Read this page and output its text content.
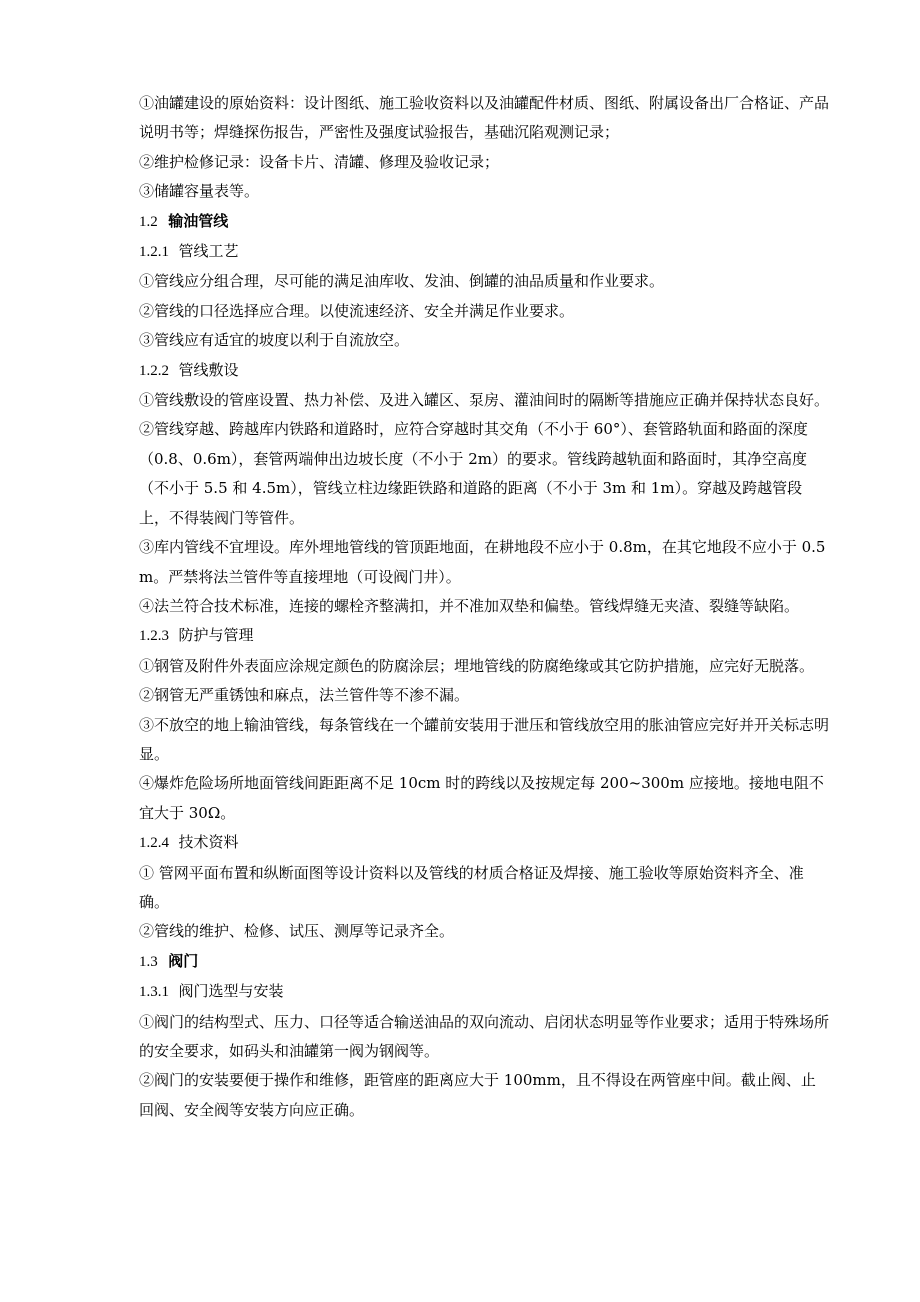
①油罐建设的原始资料：设计图纸、施工验收资料以及油罐配件材质、图纸、附属设备出厂合格证、产品说明书等；焊缝探伤报告，严密性及强度试验报告，基础沉陷观测记录；

②维护检修记录：设备卡片、清罐、修理及验收记录；

③储罐容量表等。

1.2 输油管线

1.2.1 管线工艺

①管线应分组合理，尽可能的满足油库收、发油、倒罐的油品质量和作业要求。

②管线的口径选择应合理。以使流速经济、安全并满足作业要求。

③管线应有适宜的坡度以利于自流放空。

1.2.2 管线敷设

①管线敷设的管座设置、热力补偿、及进入罐区、泵房、灌油间时的隔断等措施应正确并保持状态良好。

②管线穿越、跨越库内铁路和道路时，应符合穿越时其交角（不小于 60°）、套管路轨面和路面的深度（0.8、0.6m），套管两端伸出边坡长度（不小于 2m）的要求。管线跨越轨面和路面时，其净空高度（不小于 5.5 和 4.5m），管线立柱边缘距铁路和道路的距离（不小于 3m 和 1m）。穿越及跨越管段上，不得装阀门等管件。

③库内管线不宜埋设。库外埋地管线的管顶距地面，在耕地段不应小于 0.8m，在其它地段不应小于 0.5m。严禁将法兰管件等直接埋地（可设阀门井）。

④法兰符合技术标准，连接的螺栓齐整满扣，并不准加双垫和偏垫。管线焊缝无夹渣、裂缝等缺陷。

1.2.3 防护与管理

①钢管及附件外表面应涂规定颜色的防腐涂层；埋地管线的防腐绝缘或其它防护措施，应完好无脱落。

②钢管无严重锈蚀和麻点，法兰管件等不渗不漏。

③不放空的地上输油管线，每条管线在一个罐前安装用于泄压和管线放空用的胀油管应完好并开关标志明显。

④爆炸危险场所地面管线间距距离不足 10cm 时的跨线以及按规定每 200~300m 应接地。接地电阻不宜大于 30Ω。

1.2.4 技术资料

① 管网平面布置和纵断面图等设计资料以及管线的材质合格证及焊接、施工验收等原始资料齐全、准确。

②管线的维护、检修、试压、测厚等记录齐全。

1.3 阀门

1.3.1 阀门选型与安装

①阀门的结构型式、压力、口径等适合输送油品的双向流动、启闭状态明显等作业要求；适用于特殊场所的安全要求，如码头和油罐第一阀为钢阀等。

②阀门的安装要便于操作和维修，距管座的距离应大于 100mm，且不得设在两管座中间。截止阀、止回阀、安全阀等安装方向应正确。
